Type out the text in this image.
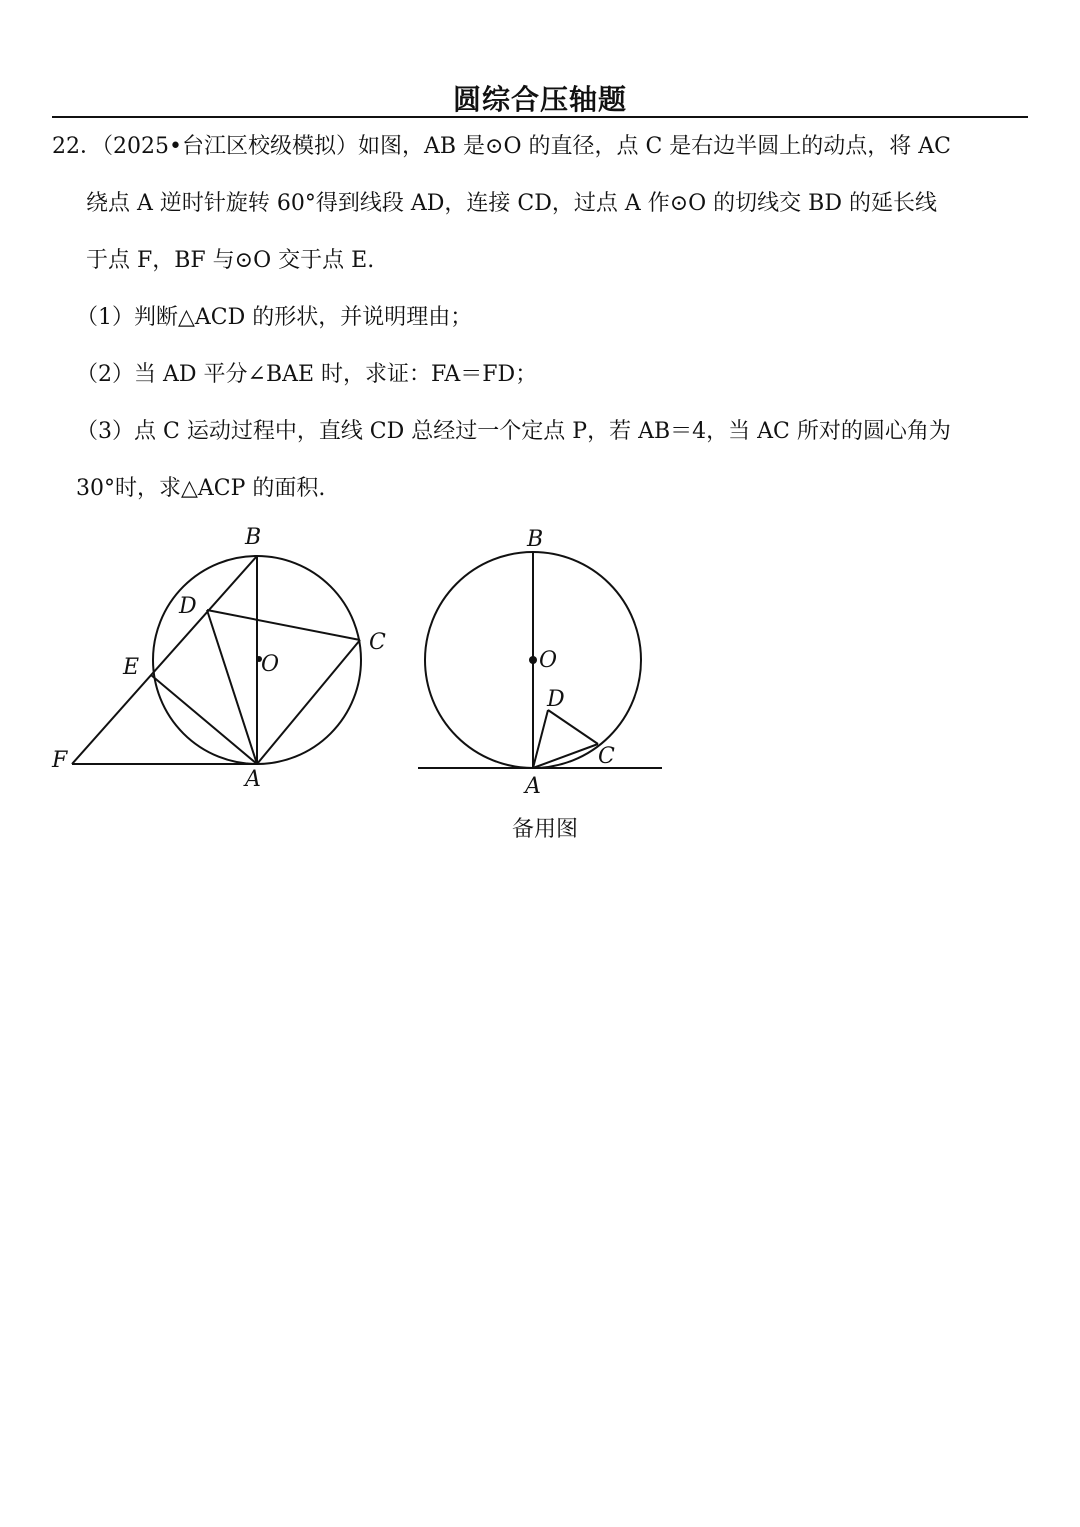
圆综合压轴题
22．（2025•台江区校级模拟）如图，AB 是⊙O 的直径，点 C 是右边半圆上的动点，将 AC
绕点 A 逆时针旋转 60°得到线段 AD，连接 CD，过点 A 作⊙O 的切线交 BD 的延长线
于点 F，BF 与⊙O 交于点 E.
（1）判断△ACD 的形状，并说明理由；
（2）当 AD 平分∠BAE 时，求证：FA＝FD；
（3）点 C 运动过程中，直线 CD 总经过一个定点 P，若 AB＝4，当 AC 所对的圆心角为
30°时，求△ACP 的面积.
B
D
O
C
E
F
A
B
O
D
C
A
备用图
